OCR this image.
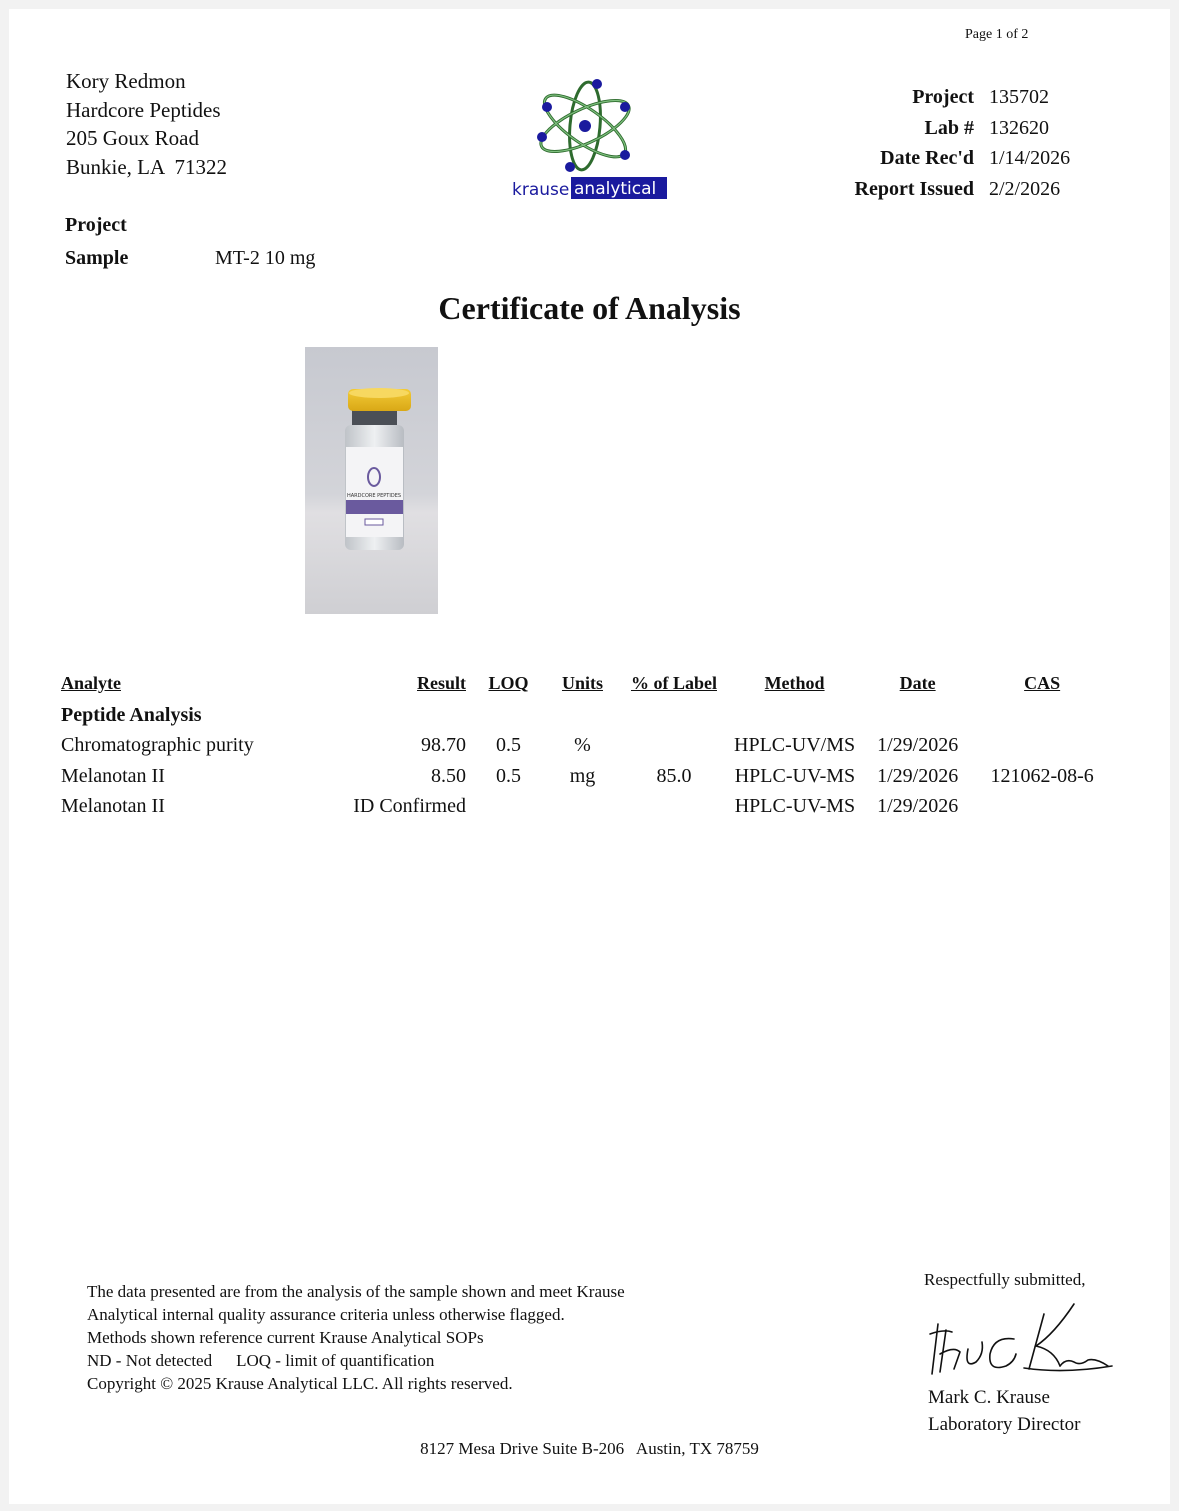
Page 1 of 2
Kory Redmon
Hardcore Peptides
205 Goux Road
Bunkie, LA  71322
krause analytical
Project 135702
Lab # 132620
Date Rec'd 1/14/2026
Report Issued 2/2/2026
Project
Sample	MT-2 10 mg
Certificate of Analysis
HARDCORE PEPTIDES
Analyte	Result	LOQ	Units	% of Label	Method	Date	CAS
Peptide Analysis							
Chromatographic purity	98.70	0.5	%		HPLC-UV/MS	1/29/2026	
Melanotan II	8.50	0.5	mg	85.0	HPLC-UV-MS	1/29/2026	121062-08-6
Melanotan II	ID Confirmed				HPLC-UV-MS	1/29/2026	
The data presented are from the analysis of the sample shown and meet Krause
Analytical internal quality assurance criteria unless otherwise flagged.
Methods shown reference current Krause Analytical SOPs
ND - Not detected LOQ - limit of quantification
Copyright © 2025 Krause Analytical LLC. All rights reserved.
Respectfully submitted,
Mark C. Krause
Laboratory Director
8127 Mesa Drive Suite B-206   Austin, TX 78759
